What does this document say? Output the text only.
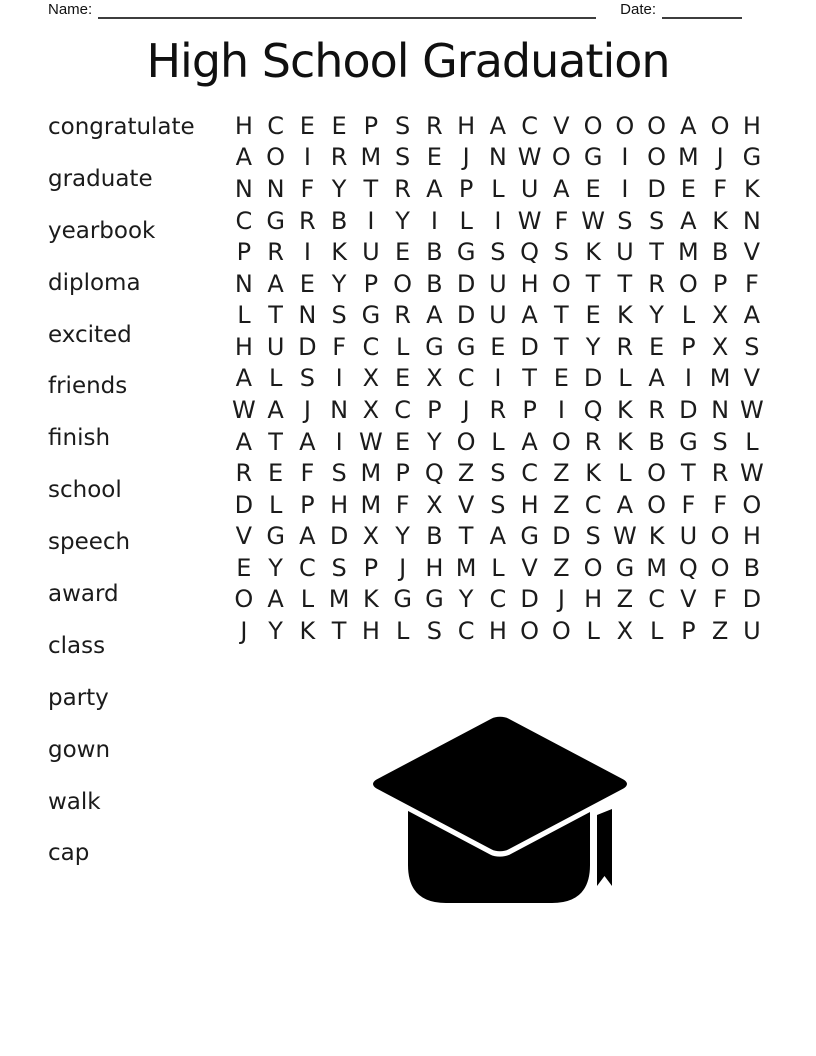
Name:	Date:
High School Graduation
congratulate
graduate
yearbook
diploma
excited
friends
finish
school
speech
award
class
party
gown
walk
cap
H C E E P S R H A C V O O O A O H
A O I R M S E J N W O G I O M J G
N N F Y T R A P L U A E I D E F K
C G R B I Y I L I W F W S S A K N
P R I K U E B G S Q S K U T M B V
N A E Y P O B D U H O T T R O P F
L T N S G R A D U A T E K Y L X A
H U D F C L G G E D T Y R E P X S
A L S I X E X C I T E D L A I M V
W A J N X C P J R P I Q K R D N W
A T A I W E Y O L A O R K B G S L
R E F S M P Q Z S C Z K L O T R W
D L P H M F X V S H Z C A O F F O
V G A D X Y B T A G D S W K U O H
E Y C S P J H M L V Z O G M Q O B
O A L M K G G Y C D J H Z C V F D
J Y K T H L S C H O O L X L P Z U
